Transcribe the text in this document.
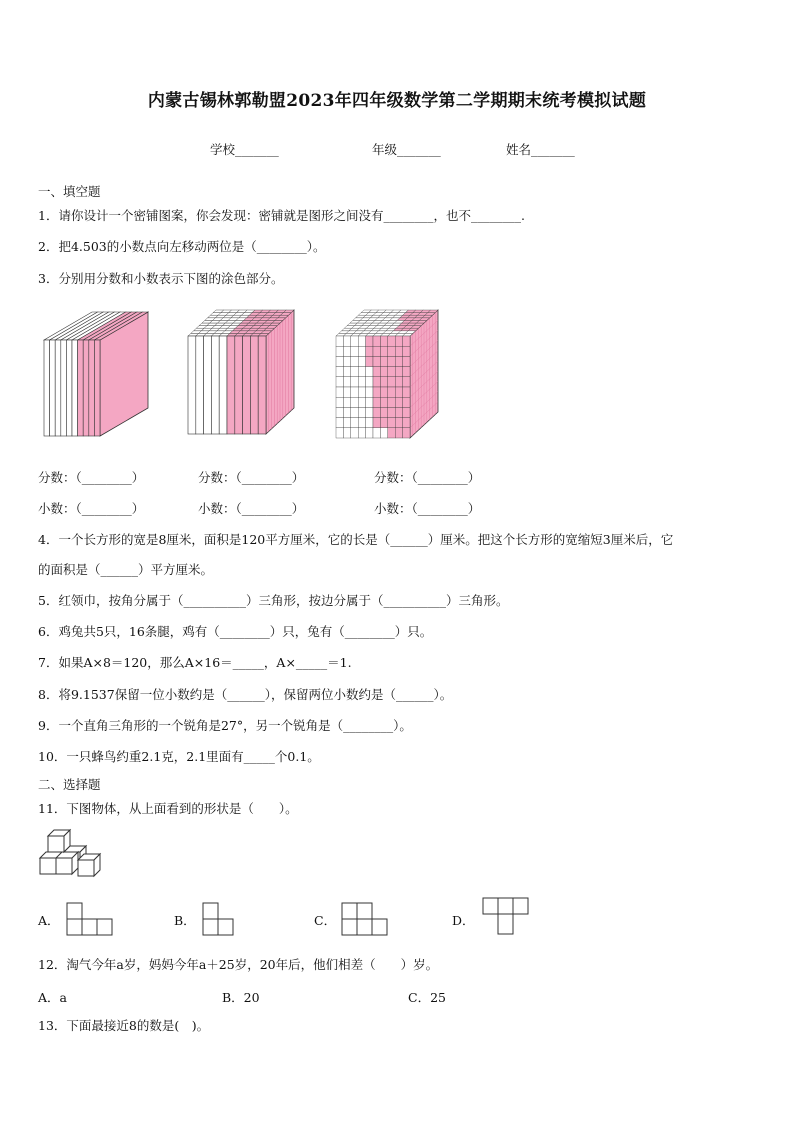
内蒙古锡林郭勒盟2023年四年级数学第二学期期末统考模拟试题
学校_______	年级_______	姓名_______
一、填空题
1．请你设计一个密铺图案，你会发现：密铺就是图形之间没有________，也不________.
2．把4.503的小数点向左移动两位是（________）。
3．分别用分数和小数表示下图的涂色部分。
分数：（________）	分数：（________）	分数：（________）
小数：（________）	小数：（________）	小数：（________）
4．一个长方形的宽是8厘米，面积是120平方厘米，它的长是（______）厘米。把这个长方形的宽缩短3厘米后，它
的面积是（______）平方厘米。
5．红领巾，按角分属于（__________）三角形，按边分属于（__________）三角形。
6．鸡兔共5只，16条腿，鸡有（________）只，兔有（________）只。
7．如果A×8＝120，那么A×16＝_____，A×_____＝1.
8．将9.1537保留一位小数约是（______），保留两位小数约是（______）。
9．一个直角三角形的一个锐角是27°，另一个锐角是（________）。
10．一只蜂鸟约重2.1克，2.1里面有_____个0.1。
二、选择题
11．下图物体，从上面看到的形状是（　　）。
A．	B．	C．	D．
12．淘气今年a岁，妈妈今年a＋25岁，20年后，他们相差（　　）岁。
A．a	B．20	C．25
13．下面最接近8的数是(　)。
